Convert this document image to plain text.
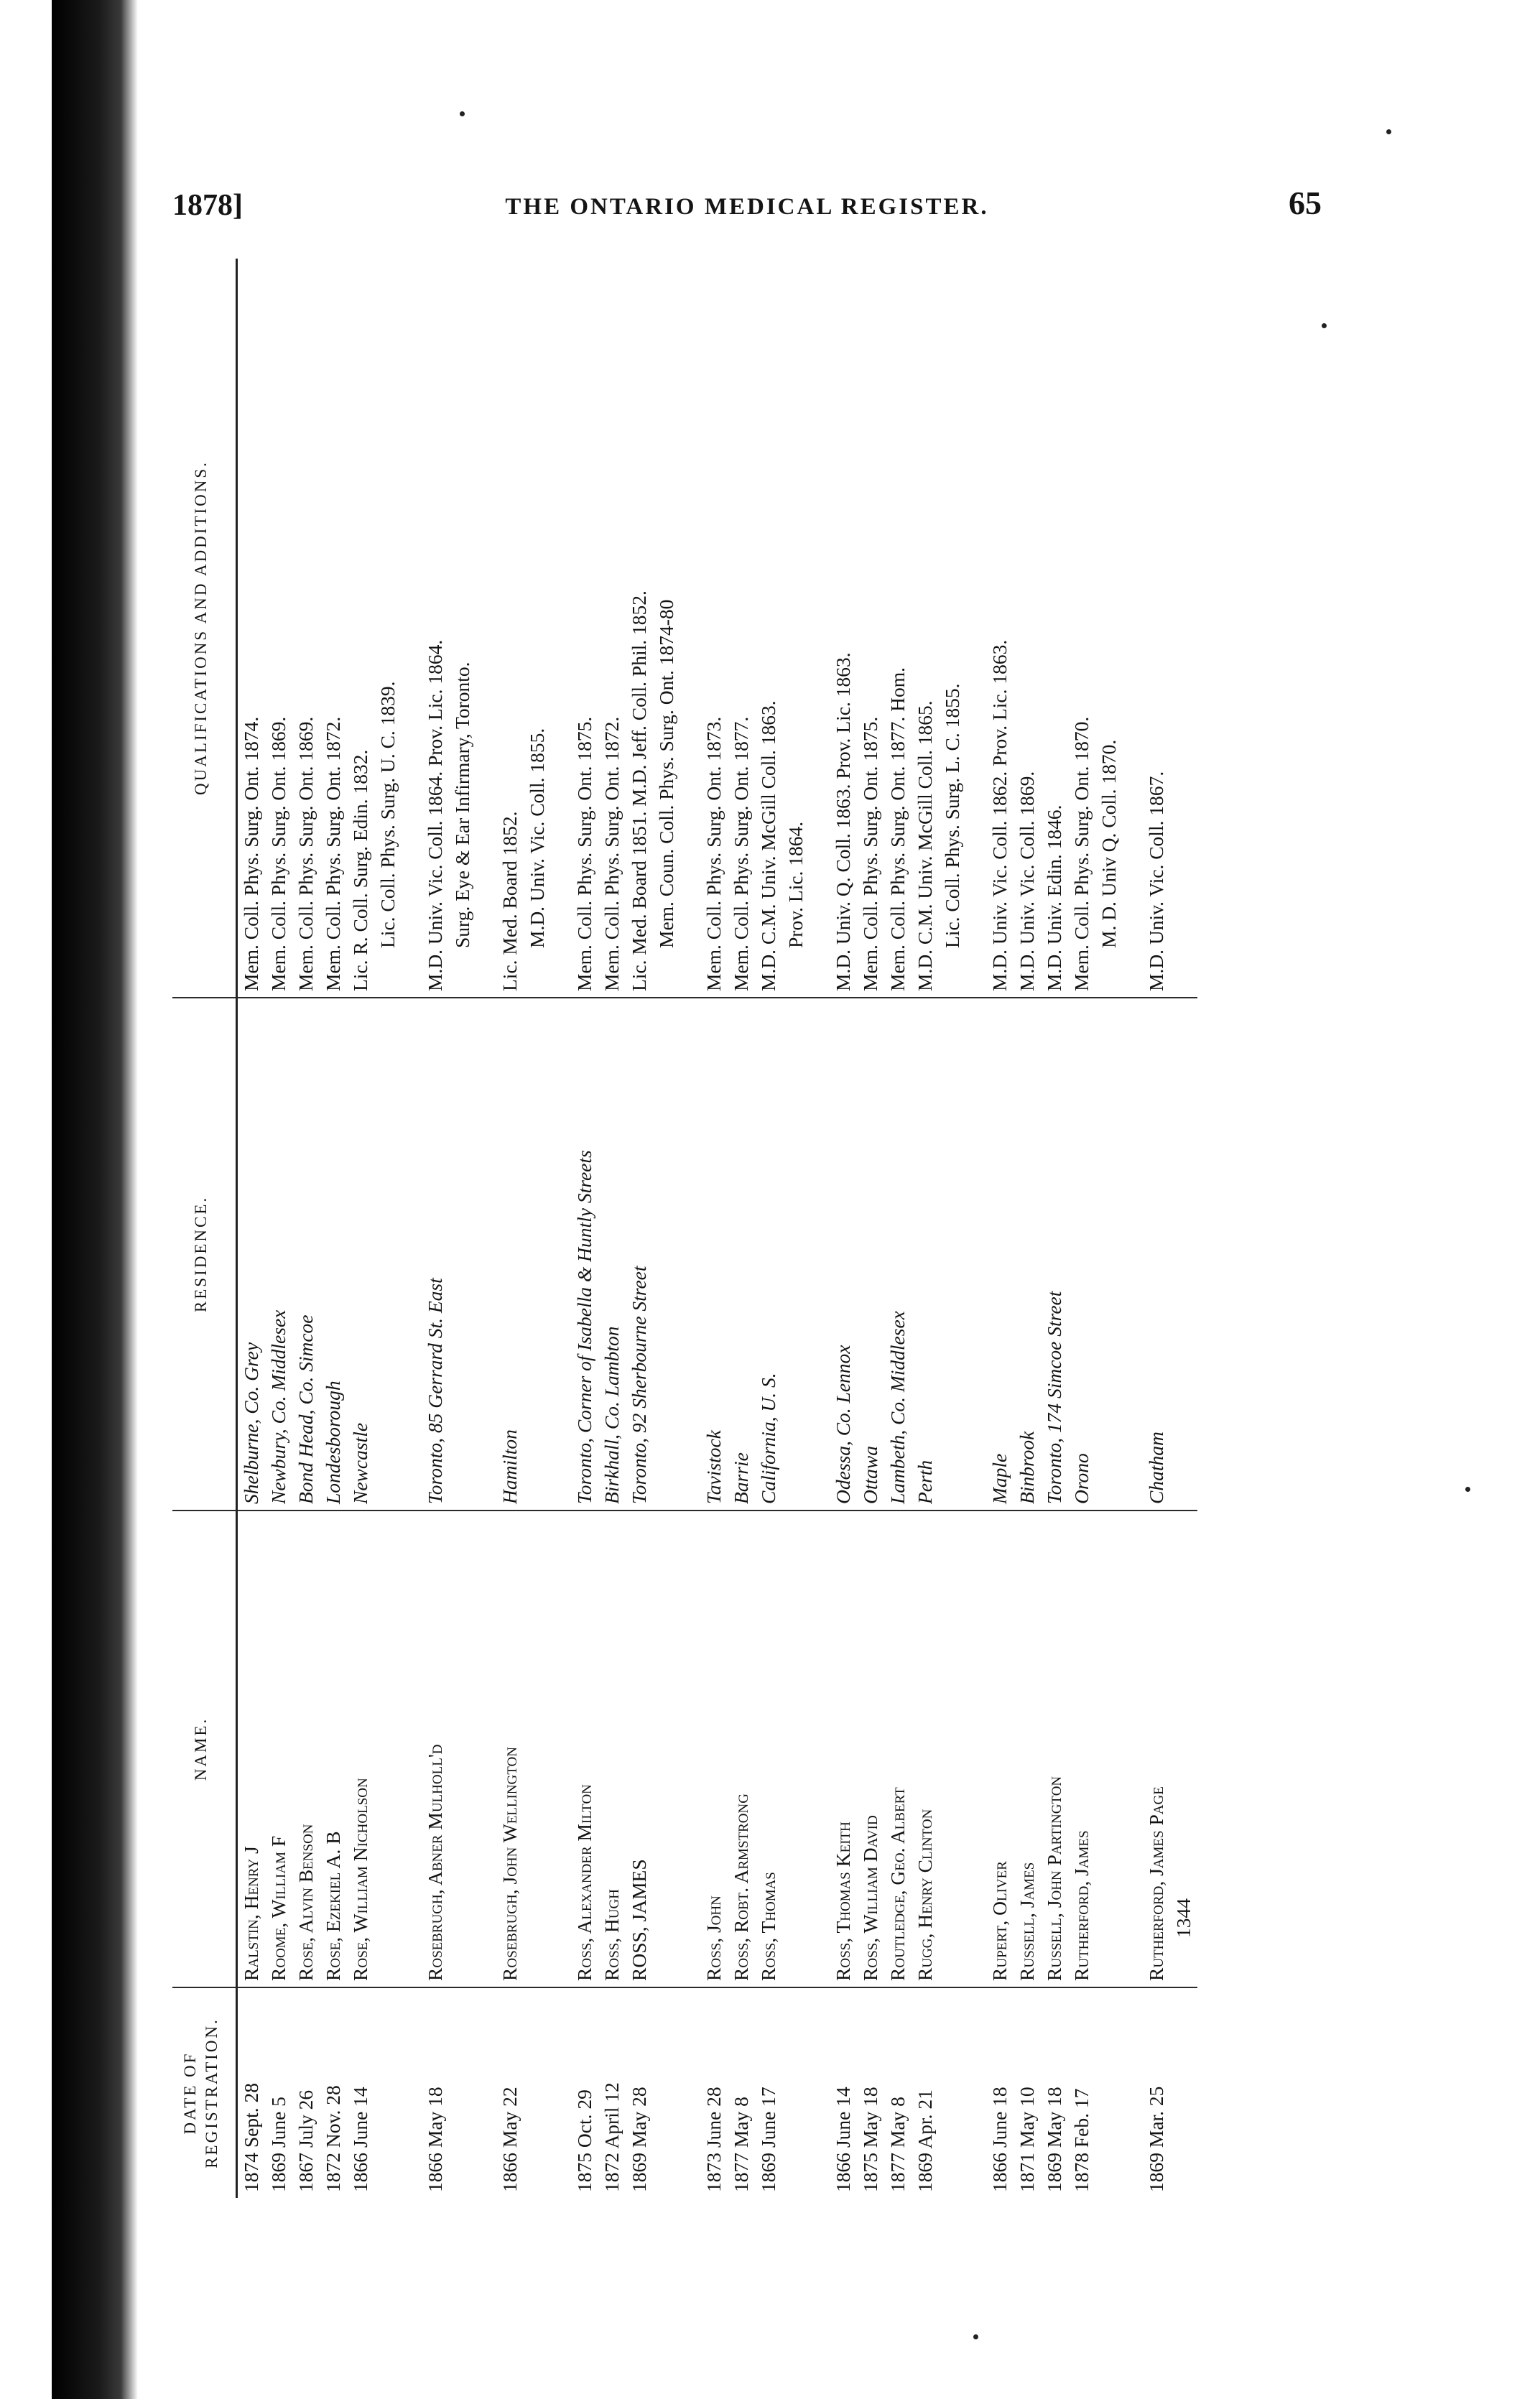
1878]	THE ONTARIO MEDICAL REGISTER.	65
DATE OF REGISTRATION.	NAME.	RESIDENCE.	QUALIFICATIONS AND ADDITIONS.
1874 Sept. 28	Ralstin, Henry J	Shelburne, Co. Grey	Mem. Coll. Phys. Surg. Ont. 1874.

1869 June 5	Roome, William F	Newbury, Co. Middlesex	Mem. Coll. Phys. Surg. Ont. 1869.

1867 July 26	Rose, Alvin Benson	Bond Head, Co. Simcoe	Mem. Coll. Phys. Surg. Ont. 1869.

1872 Nov. 28	Rose, Ezekiel A. B	Londesborough	Mem. Coll. Phys. Surg. Ont. 1872.

1866 June 14	Rose, William Nicholson	Newcastle	Lic. R. Coll. Surg. Edin. 1832. Lic. Coll. Phys. Surg. U. C. 1839.

1866 May 18	Rosebrugh, Abner Mulholl'd	Toronto, 85 Gerrard St. East	M.D. Univ. Vic. Coll. 1864. Prov. Lic. 1864. Surg. Eye & Ear Infirmary, Toronto.

1866 May 22	Rosebrugh, John Wellington	Hamilton	Lic. Med. Board 1852. M.D. Univ. Vic. Coll. 1855.

1875 Oct. 29	Ross, Alexander Milton	Toronto, Corner of Isabella & Huntly Streets	Mem. Coll. Phys. Surg. Ont. 1875.

1872 April 12	Ross, Hugh	Birkhall, Co. Lambton	Mem. Coll. Phys. Surg. Ont. 1872.

1869 May 28	ROSS, JAMES	Toronto, 92 Sherbourne Street	Lic. Med. Board 1851. M.D. Jeff. Coll. Phil. 1852. Mem. Coun. Coll. Phys. Surg. Ont. 1874-80

1873 June 28	Ross, John	Tavistock	Mem. Coll. Phys. Surg. Ont. 1873.

1877 May 8	Ross, Robt. Armstrong	Barrie	Mem. Coll. Phys. Surg. Ont. 1877.

1869 June 17	Ross, Thomas	California, U. S.	M.D. C.M. Univ. McGill Coll. 1863. Prov. Lic. 1864.

1866 June 14	Ross, Thomas Keith	Odessa, Co. Lennox	M.D. Univ. Q. Coll. 1863. Prov. Lic. 1863.

1875 May 18	Ross, William David	Ottawa	Mem. Coll. Phys. Surg. Ont. 1875.

1877 May 8	Routledge, Geo. Albert	Lambeth, Co. Middlesex	Mem. Coll. Phys. Surg. Ont. 1877. Hom.

1869 Apr. 21	Rugg, Henry Clinton	Perth	M.D. C.M. Univ. McGill Coll. 1865. Lic. Coll. Phys. Surg. L. C. 1855.

1866 June 18	Rupert, Oliver	Maple	M.D. Univ. Vic. Coll. 1862. Prov. Lic. 1863.

1871 May 10	Russell, James	Binbrook	M.D. Univ. Vic. Coll. 1869.

1869 May 18	Russell, John Partington	Toronto, 174 Simcoe Street	M.D. Univ. Edin. 1846.

1878 Feb. 17	Rutherford, James	Orono	Mem. Coll. Phys. Surg. Ont. 1870. M. D. Univ Q. Coll. 1870.

1869 Mar. 25	Rutherford, James Page 1344	Chatham	M.D. Univ. Vic. Coll. 1867.
